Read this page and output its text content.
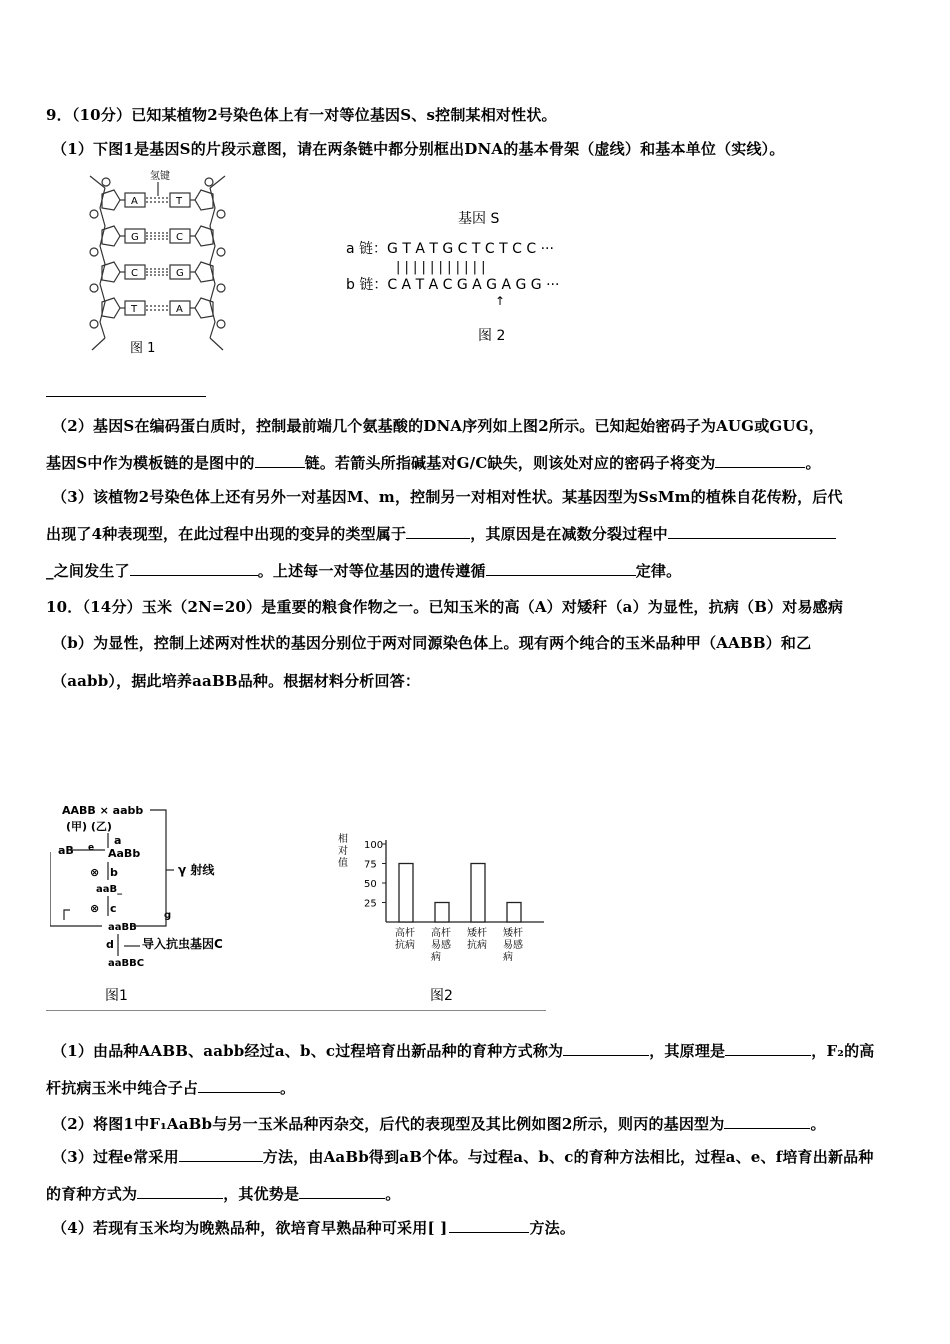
9．（10分）已知某植物2号染色体上有一对等位基因S、s控制某相对性状。
（1）下图1是基因S的片段示意图，请在两条链中都分别框出DNA的基本骨架（虚线）和基本单位（实线）。
氢键
A	T
G	C
C	G
T	A
图 1
基因 S
a 链：G T A T G C T C T C C ···
| | | | | | | | | | |
b 链：C A T A C G A G A G G ···
↑
图 2
（2）基因S在编码蛋白质时，控制最前端几个氨基酸的DNA序列如上图2所示。已知起始密码子为AUG或GUG，
基因S中作为模板链的是图中的	链。若箭头所指碱基对G/C缺失，则该处对应的密码子将变为	。
（3）该植物2号染色体上还有另外一对基因M、m，控制另一对相对性状。某基因型为SsMm的植株自花传粉，后代
出现了4种表现型，在此过程中出现的变异的类型属于	，其原因是在减数分裂过程中
_之间发生了	。上述每一对等位基因的遗传遵循	定律。
10．（14分）玉米（2N=20）是重要的粮食作物之一。已知玉米的高（A）对矮秆（a）为显性，抗病（B）对易感病
（b）为显性，控制上述两对性状的基因分别位于两对同源染色体上。现有两个纯合的玉米品种甲（AABB）和乙
（aabb），据此培养aaBB品种。根据材料分析回答：
AABB × aabb
(甲) (乙)
a
aB e AaBb
⊗ b
aaB_
⊗ c
aaBB
d
aaBBC
γ 射线
导入抗虫基因C
g
图1
相
对
值
25
50
75
100
高杆
抗病
高杆
易感
病
矮杆
抗病
矮杆
易感
病
图2
（1）由品种AABB、aabb经过a、b、c过程培育出新品种的育种方式称为	，其原理是	，F₂的高
杆抗病玉米中纯合子占	。
（2）将图1中F₁AaBb与另一玉米品种丙杂交，后代的表现型及其比例如图2所示，则丙的基因型为	。
（3）过程e常采用	方法，由AaBb得到aB个体。与过程a、b、c的育种方法相比，过程a、e、f培育出新品种
的育种方式为	，其优势是	。
（4）若现有玉米均为晚熟品种，欲培育早熟品种可采用[ ]	方法。
